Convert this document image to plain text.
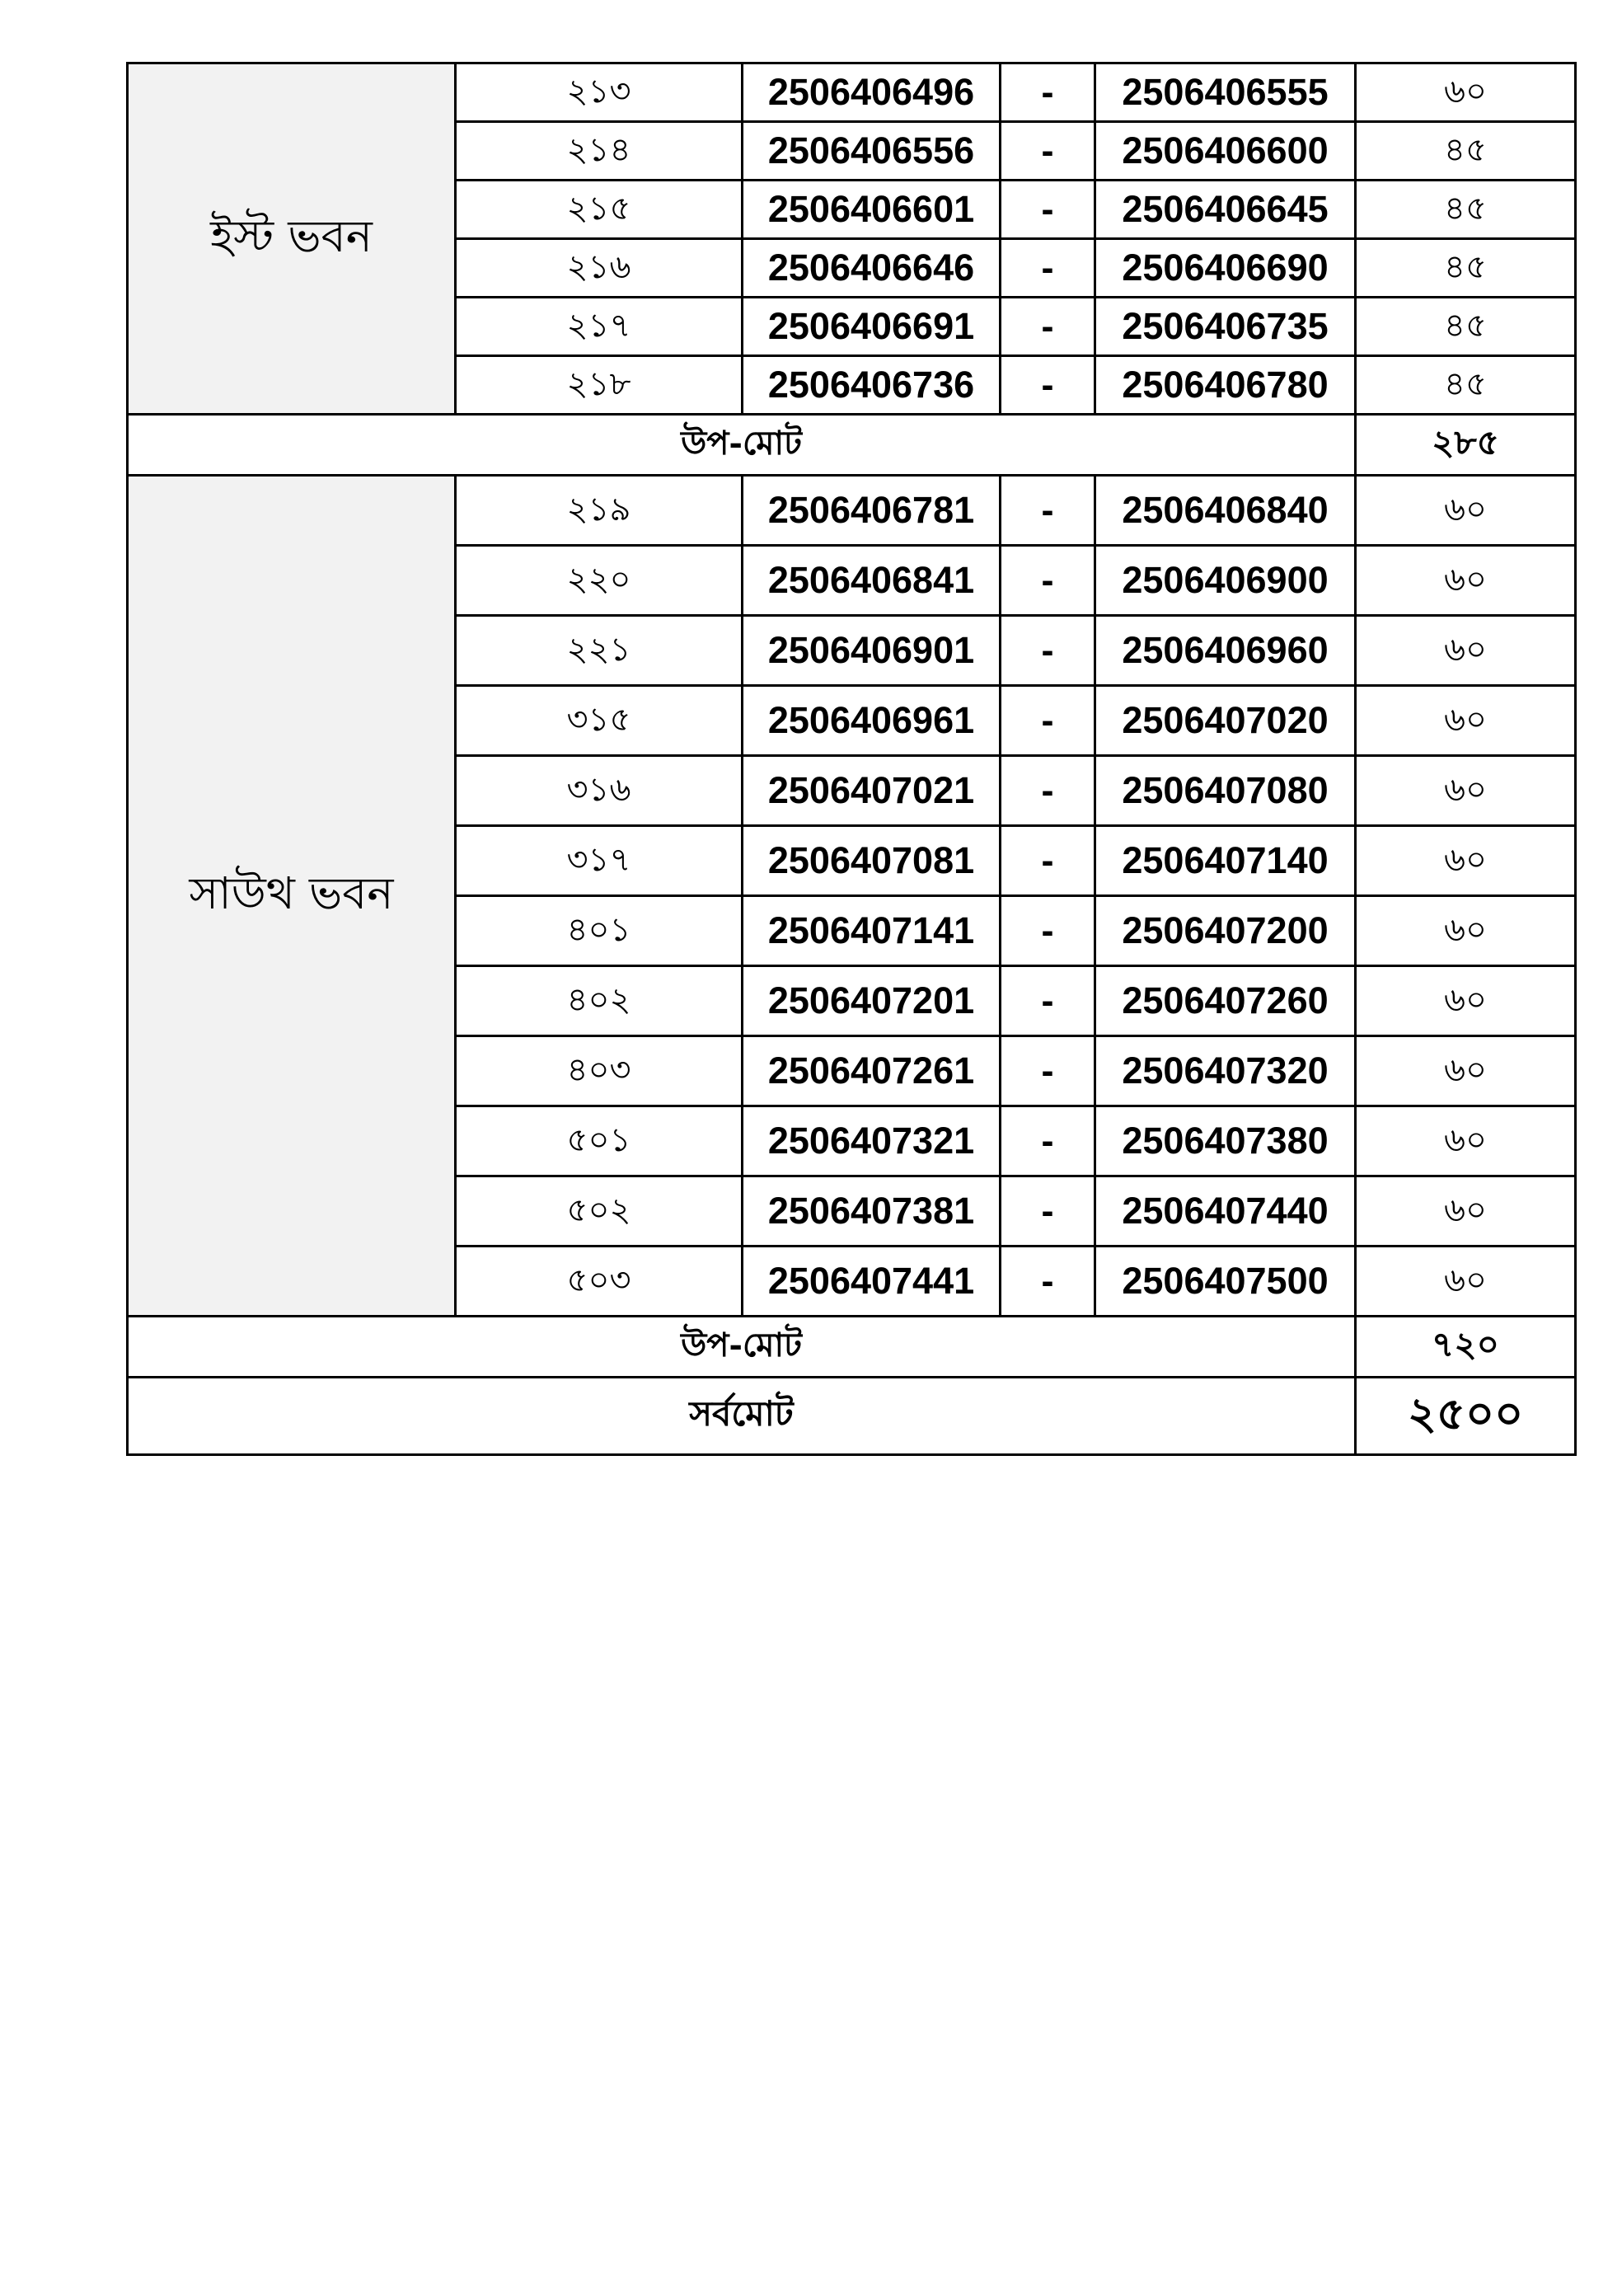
ইস্ট ভবন	২১৩	2506406496	-	2506406555	৬০
	২১৪	2506406556	-	2506406600	৪৫
	২১৫	2506406601	-	2506406645	৪৫
	২১৬	2506406646	-	2506406690	৪৫
	২১৭	2506406691	-	2506406735	৪৫
	২১৮	2506406736	-	2506406780	৪৫
উপ-মোট					২৮৫
সাউথ ভবন	২১৯	2506406781	-	2506406840	৬০
	২২০	2506406841	-	2506406900	৬০
	২২১	2506406901	-	2506406960	৬০
	৩১৫	2506406961	-	2506407020	৬০
	৩১৬	2506407021	-	2506407080	৬০
	৩১৭	2506407081	-	2506407140	৬০
	৪০১	2506407141	-	2506407200	৬০
	৪০২	2506407201	-	2506407260	৬০
	৪০৩	2506407261	-	2506407320	৬০
	৫০১	2506407321	-	2506407380	৬০
	৫০২	2506407381	-	2506407440	৬০
	৫০৩	2506407441	-	2506407500	৬০
উপ-মোট					৭২০
সর্বমোট					২৫০০
